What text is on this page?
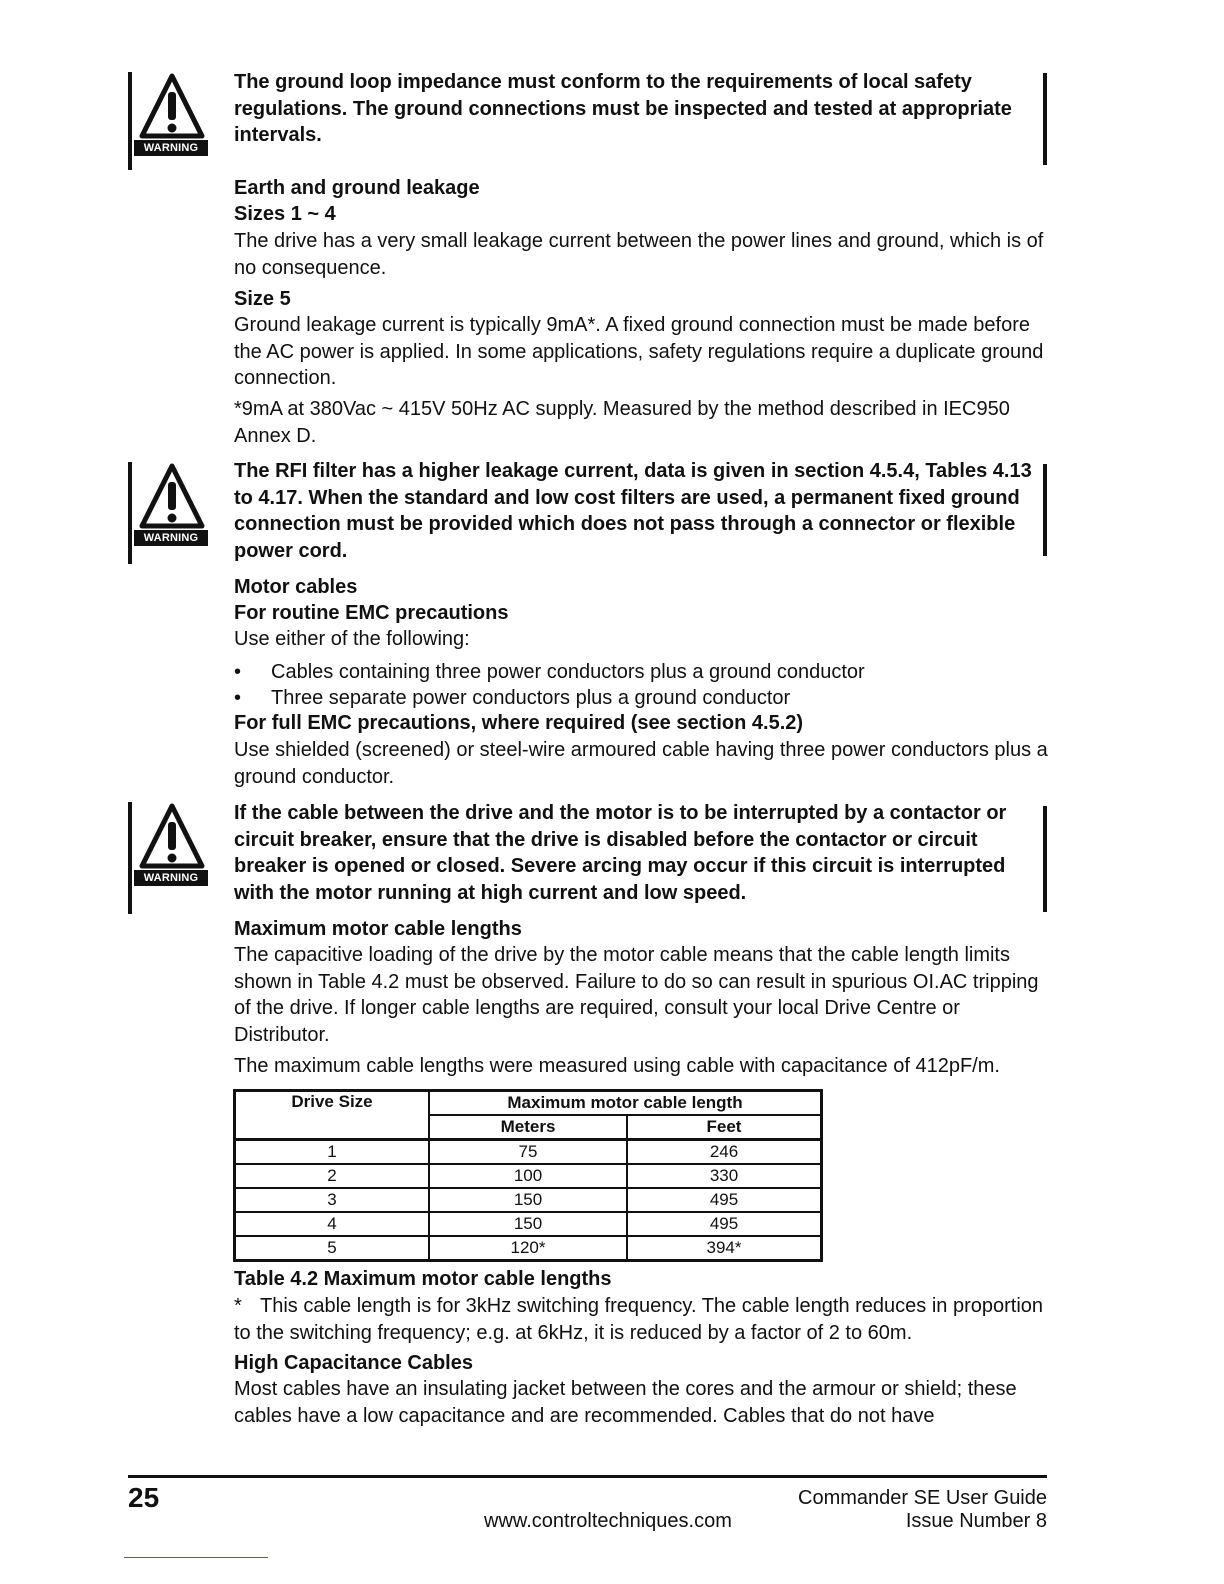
WARNING
The ground loop impedance must conform to the requirements of local safety regulations. The ground connections must be inspected and tested at appropriate intervals.
Earth and ground leakage
Sizes 1 ~ 4
The drive has a very small leakage current between the power lines and ground, which is of no consequence.
Size 5
Ground leakage current is typically 9mA*. A fixed ground connection must be made before the AC power is applied. In some applications, safety regulations require a duplicate ground connection.
*9mA at 380Vac ~ 415V 50Hz AC supply. Measured by the method described in IEC950 Annex D.
WARNING
The RFI filter has a higher leakage current, data is given in section 4.5.4, Tables 4.13 to 4.17. When the standard and low cost filters are used, a permanent fixed ground connection must be provided which does not pass through a connector or flexible power cord.
Motor cables
For routine EMC precautions
Use either of the following:
• Cables containing three power conductors plus a ground conductor
• Three separate power conductors plus a ground conductor
For full EMC precautions, where required (see section 4.5.2)
Use shielded (screened) or steel-wire armoured cable having three power conductors plus a ground conductor.
WARNING
If the cable between the drive and the motor is to be interrupted by a contactor or circuit breaker, ensure that the drive is disabled before the contactor or circuit breaker is opened or closed. Severe arcing may occur if this circuit is interrupted with the motor running at high current and low speed.
Maximum motor cable lengths
The capacitive loading of the drive by the motor cable means that the cable length limits shown in Table 4.2 must be observed. Failure to do so can result in spurious OI.AC tripping of the drive. If longer cable lengths are required, consult your local Drive Centre or Distributor.
The maximum cable lengths were measured using cable with capacitance of 412pF/m.
Drive Size	Maximum motor cable length	
	Meters	Feet
1	75	246
2	100	330
3	150	495
4	150	495
5	120*	394*
Table 4.2 Maximum motor cable lengths
* This cable length is for 3kHz switching frequency. The cable length reduces in proportion to the switching frequency; e.g. at 6kHz, it is reduced by a factor of 2 to 60m.
High Capacitance Cables
Most cables have an insulating jacket between the cores and the armour or shield; these cables have a low capacitance and are recommended. Cables that do not have
25	Commander SE User Guide
Issue Number 8
www.controltechniques.com
